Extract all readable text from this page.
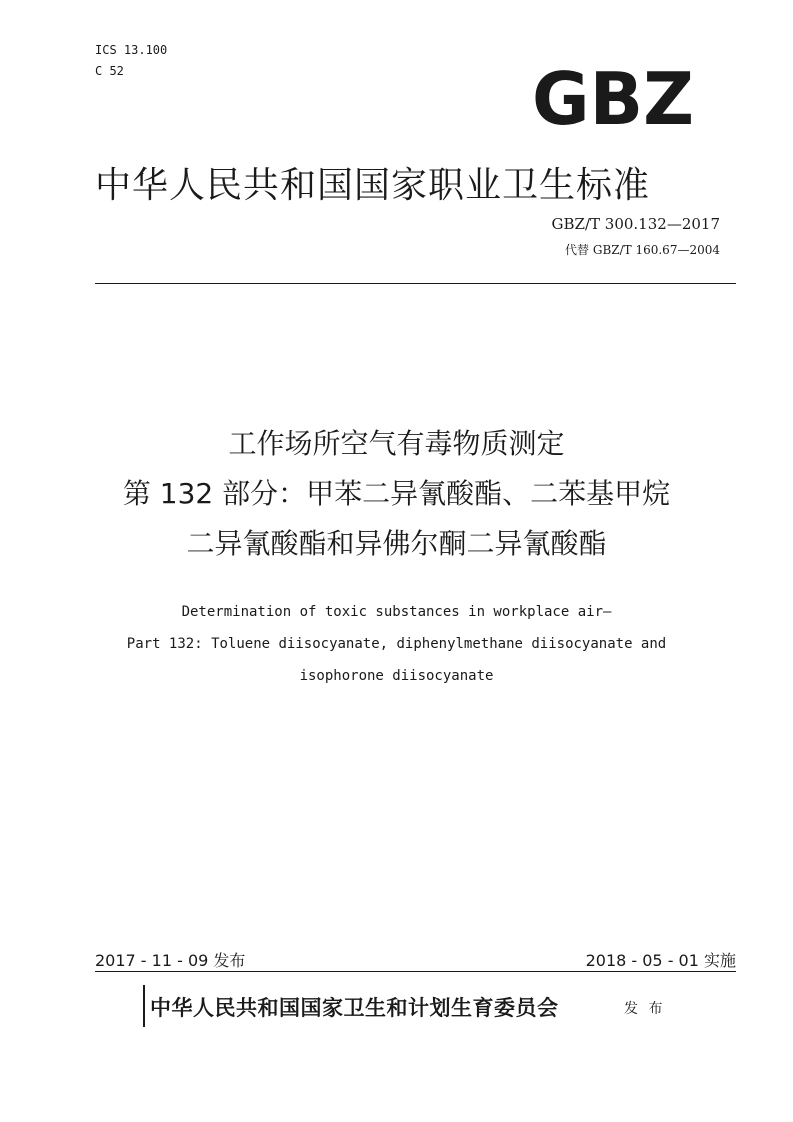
ICS 13.100
C 52	GBZ
中华人民共和国国家职业卫生标准
GBZ/T 300.132—2017
代替 GBZ/T 160.67—2004
工作场所空气有毒物质测定
第 132 部分：甲苯二异氰酸酯、二苯基甲烷
二异氰酸酯和异佛尔酮二异氰酸酯
Determination of toxic substances in workplace air—
Part 132: Toluene diisocyanate, diphenylmethane diisocyanate and
isophorone diisocyanate
2017 - 11 - 09 发布	2018 - 05 - 01 实施
中华人民共和国国家卫生和计划生育委员会	发 布
